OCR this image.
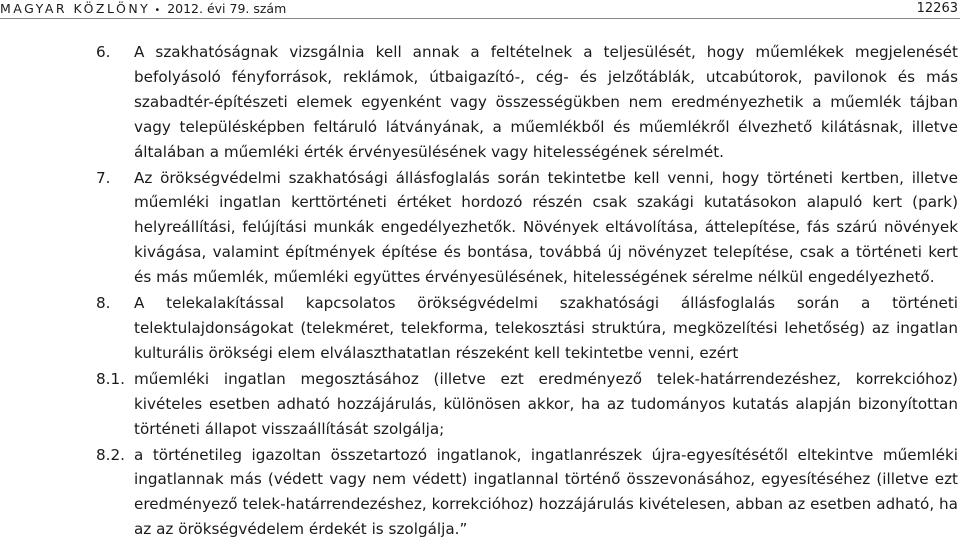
MAGYAR KÖZLÖNY • 2012. évi 79. szám	12263
6. A szakhatóságnak vizsgálnia kell annak a feltételnek a teljesülését, hogy műemlékek megjelenését befolyásoló fényforrások, reklámok, útbaigazító-, cég- és jelzőtáblák, utcabútorok, pavilonok és más szabadtér-építészeti elemek egyenként vagy összességükben nem eredményezhetik a műemlék tájban vagy településképben feltáruló látványának, a műemlékből és műemlékről élvezhető kilátásnak, illetve általában a műemléki érték érvényesülésének vagy hitelességének sérelmét.
7. Az örökségvédelmi szakhatósági állásfoglalás során tekintetbe kell venni, hogy történeti kertben, illetve műemléki ingatlan kerttörténeti értéket hordozó részén csak szakági kutatásokon alapuló kert (park) helyreállítási, felújítási munkák engedélyezhetők. Növények eltávolítása, áttelepítése, fás szárú növények kivágása, valamint építmények építése és bontása, továbbá új növényzet telepítése, csak a történeti kert és más műemlék, műemléki együttes érvényesülésének, hitelességének sérelme nélkül engedélyezhető.
8. A telekalakítással kapcsolatos örökségvédelmi szakhatósági állásfoglalás során a történeti telektulajdonságokat (telekméret, telekforma, telekosztási struktúra, megközelítési lehetőség) az ingatlan kulturális örökségi elem elválaszthatatlan részeként kell tekintetbe venni, ezért
8.1. műemléki ingatlan megosztásához (illetve ezt eredményező telek-határrendezéshez, korrekcióhoz) kivételes esetben adható hozzájárulás, különösen akkor, ha az tudományos kutatás alapján bizonyítottan történeti állapot visszaállítását szolgálja;
8.2. a történetileg igazoltan összetartozó ingatlanok, ingatlanrészek újra-egyesítésétől eltekintve műemléki ingatlannak más (védett vagy nem védett) ingatlannal történő összevonásához, egyesítéséhez (illetve ezt eredményező telek-határrendezéshez, korrekcióhoz) hozzájárulás kivételesen, abban az esetben adható, ha az az örökségvédelem érdekét is szolgálja.”
